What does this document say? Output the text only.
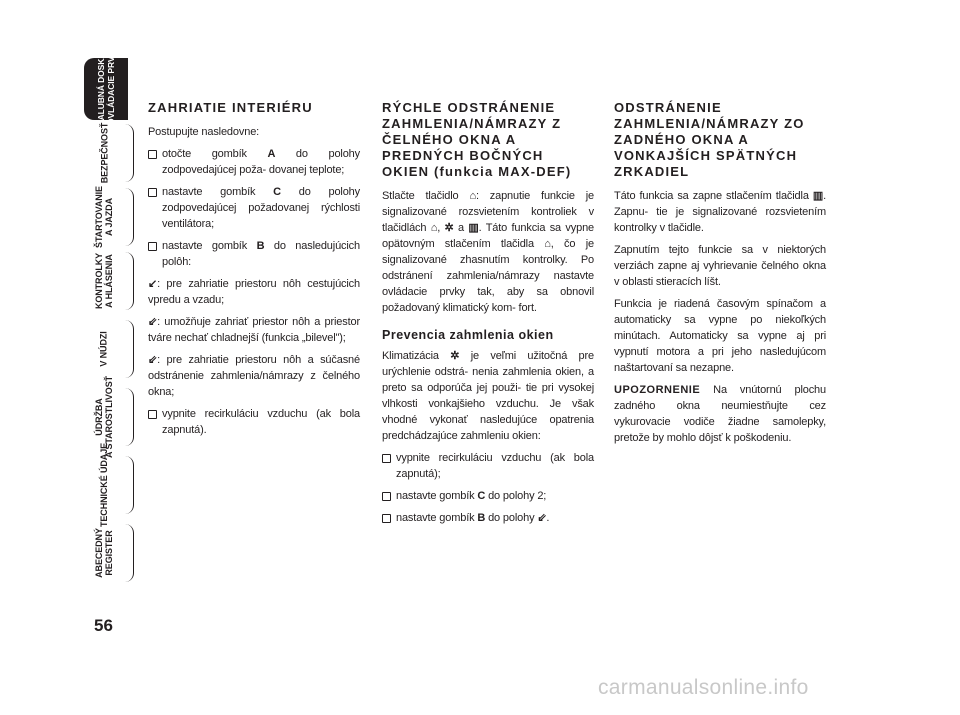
PALUBNÁ DOSKA
A OVLÁDACIE PRVKY
BEZPEČNOSŤ
ŠTARTOVANIE
A JAZDA
KONTROLKY
A HLÁSENIA
V NÚDZI
ÚDRŽBA
A STAROSTLIVOSŤ
TECHNICKÉ ÚDAJE
ABECEDNÝ
REGISTER
56
ZAHRIATIE INTERIÉRU

Postupujte nasledovne:

otočte gombík A do polohy zodpovedajúcej poža- dovanej teplote;

nastavte gombík C do polohy zodpovedajúcej požadovanej rýchlosti ventilátora;

nastavte gombík B do nasledujúcich polôh:

↙: pre zahriatie priestoru nôh cestujúcich vpredu a vzadu;

⇙: umožňuje zahriať priestor nôh a priestor tváre nechať chladnejší (funkcia „bilevel");

⇙: pre zahriatie priestoru nôh a súčasné odstránenie zahmlenia/námrazy z čelného okna;

vypnite recirkuláciu vzduchu (ak bola zapnutá).

RÝCHLE ODSTRÁNENIE ZAHMLENIA/NÁMRAZY Z ČELNÉHO OKNA A PREDNÝCH BOČNÝCH OKIEN (funkcia MAX-DEF)

Stlačte tlačidlo ⌂: zapnutie funkcie je signalizované rozsvietením kontroliek v tlačidlách ⌂, ✲ a ▥. Táto funkcia sa vypne opätovným stlačením tlačidla ⌂, čo je signalizované zhasnutím kontrolky. Po odstránení zahmlenia/námrazy nastavte ovládacie prvky tak, aby sa obnovil požadovaný klimatický kom- fort.

Prevencia zahmlenia okien

Klimatizácia ✲ je veľmi užitočná pre urýchlenie odstrá- nenia zahmlenia okien, a preto sa odporúča jej použi- tie pri vysokej vlhkosti vonkajšieho vzduchu. Je však vhodné vykonať nasledujúce opatrenia predchádzajúce zahmleniu okien:

vypnite recirkuláciu vzduchu (ak bola zapnutá);

nastavte gombík C do polohy 2;

nastavte gombík B do polohy ⇙.

ODSTRÁNENIE ZAHMLENIA/NÁMRAZY ZO ZADNÉHO OKNA A VONKAJŠÍCH SPÄTNÝCH ZRKADIEL

Táto funkcia sa zapne stlačením tlačidla ▥. Zapnu- tie je signalizované rozsvietením kontrolky v tlačidle.

Zapnutím tejto funkcie sa v niektorých verziách zapne aj vyhrievanie čelného okna v oblasti stieracích líšt.

Funkcia je riadená časovým spínačom a automaticky sa vypne po niekoľkých minútach. Automaticky sa vypne aj pri vypnutí motora a pri jeho nasledujúcom naštartovaní sa nezapne.

UPOZORNENIE Na vnútornú plochu zadného okna neumiestňujte cez vykurovacie vodiče žiadne samolepky, pretože by mohlo dôjsť k poškodeniu.

carmanualsonline.info
